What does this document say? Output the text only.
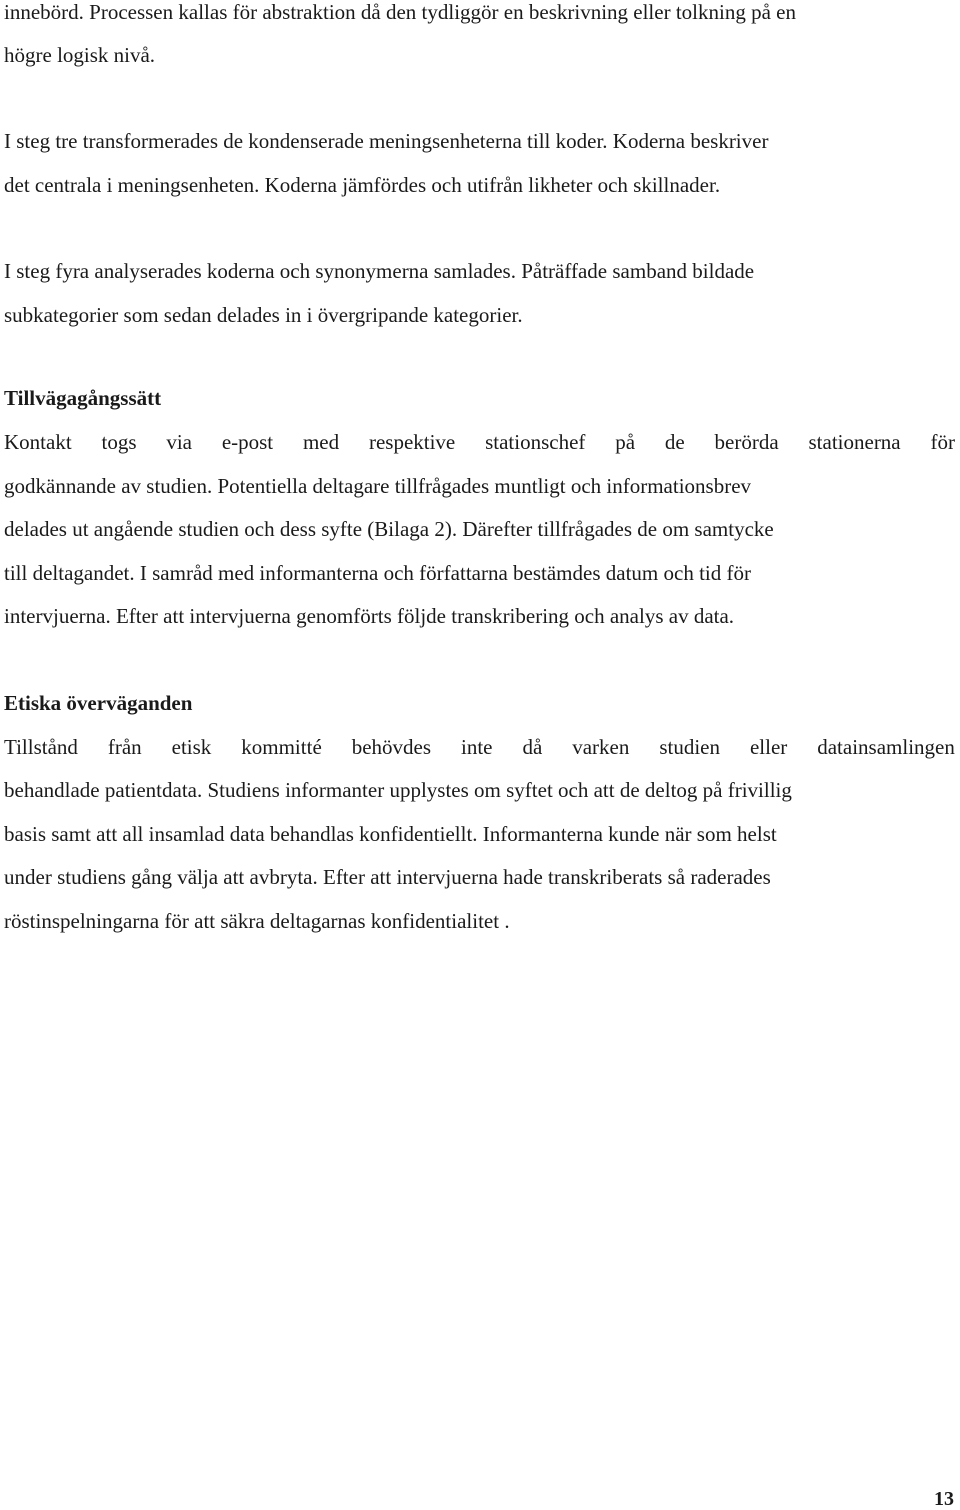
innebörd. Processen kallas för abstraktion då den tydliggör en beskrivning eller tolkning på en
högre logisk nivå.
I steg tre transformerades de kondenserade meningsenheterna till koder. Koderna beskriver
det centrala i meningsenheten. Koderna jämfördes och utifrån likheter och skillnader.
I steg fyra analyserades koderna och synonymerna samlades. Påträffade samband bildade
subkategorier som sedan delades in i övergripande kategorier.
Tillvägagångssätt
Kontakt togs via e-post med respektive stationschef på de berörda stationerna för
godkännande av studien. Potentiella deltagare tillfrågades muntligt och informationsbrev
delades ut angående studien och dess syfte (Bilaga 2). Därefter tillfrågades de om samtycke
till deltagandet. I samråd med informanterna och författarna bestämdes datum och tid för
intervjuerna. Efter att intervjuerna genomförts följde transkribering och analys av data.
Etiska överväganden
Tillstånd från etisk kommitté behövdes inte då varken studien eller datainsamlingen
behandlade patientdata. Studiens informanter upplystes om syftet och att de deltog på frivillig
basis samt att all insamlad data behandlas konfidentiellt. Informanterna kunde när som helst
under studiens gång välja att avbryta. Efter att intervjuerna hade transkriberats så raderades
röstinspelningarna för att säkra deltagarnas konfidentialitet .
13
